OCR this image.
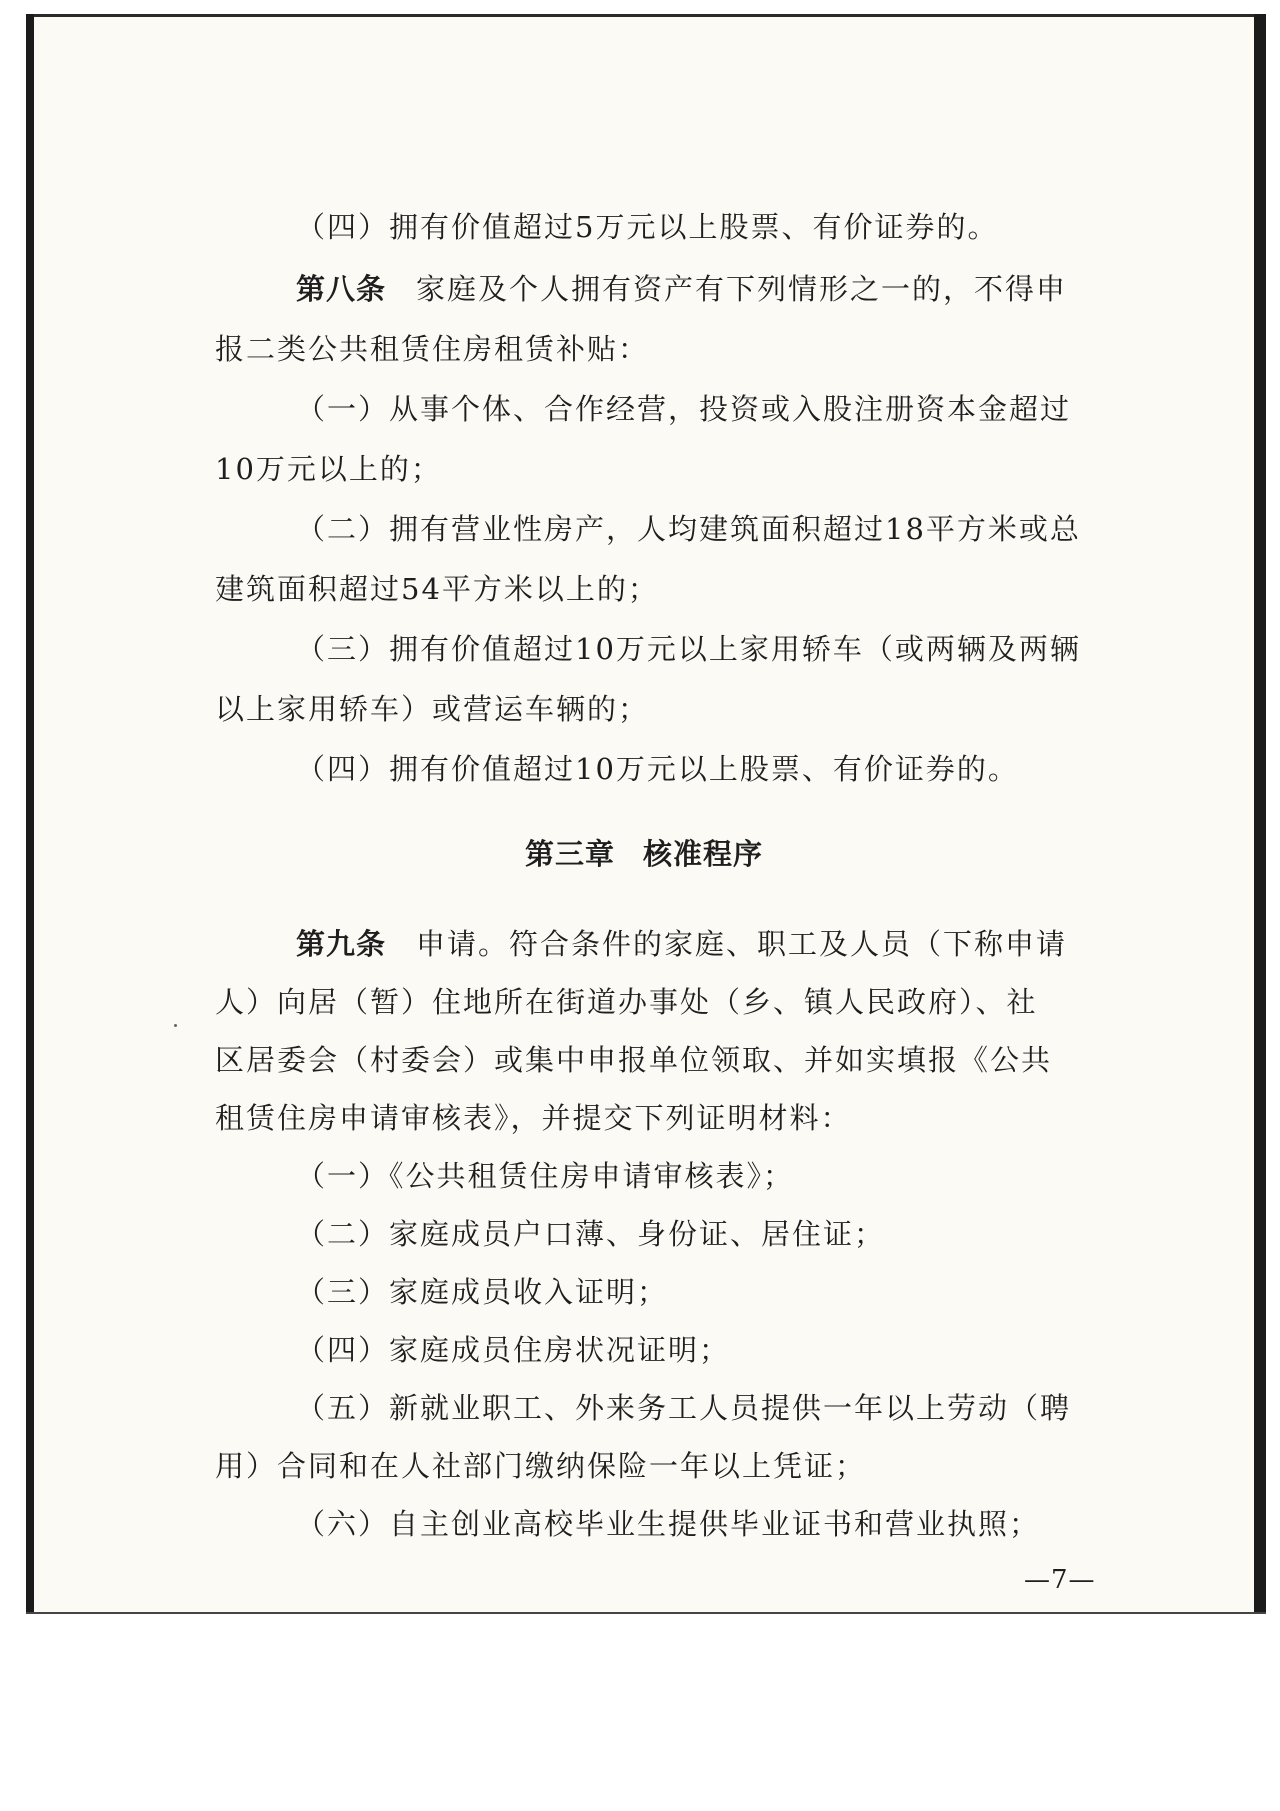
（四）拥有价值超过5万元以上股票、有价证券的。
第八条 家庭及个人拥有资产有下列情形之一的，不得申
报二类公共租赁住房租赁补贴：
（一）从事个体、合作经营，投资或入股注册资本金超过
10万元以上的；
（二）拥有营业性房产，人均建筑面积超过18平方米或总
建筑面积超过54平方米以上的；
（三）拥有价值超过10万元以上家用轿车（或两辆及两辆
以上家用轿车）或营运车辆的；
（四）拥有价值超过10万元以上股票、有价证券的。
第三章 核准程序
第九条 申请。符合条件的家庭、职工及人员（下称申请
人）向居（暂）住地所在街道办事处（乡、镇人民政府）、社
区居委会（村委会）或集中申报单位领取、并如实填报《公共
租赁住房申请审核表》，并提交下列证明材料：
（一）《公共租赁住房申请审核表》；
（二）家庭成员户口薄、身份证、居住证；
（三）家庭成员收入证明；
（四）家庭成员住房状况证明；
（五）新就业职工、外来务工人员提供一年以上劳动（聘
用）合同和在人社部门缴纳保险一年以上凭证；
（六）自主创业高校毕业生提供毕业证书和营业执照；
—7—
